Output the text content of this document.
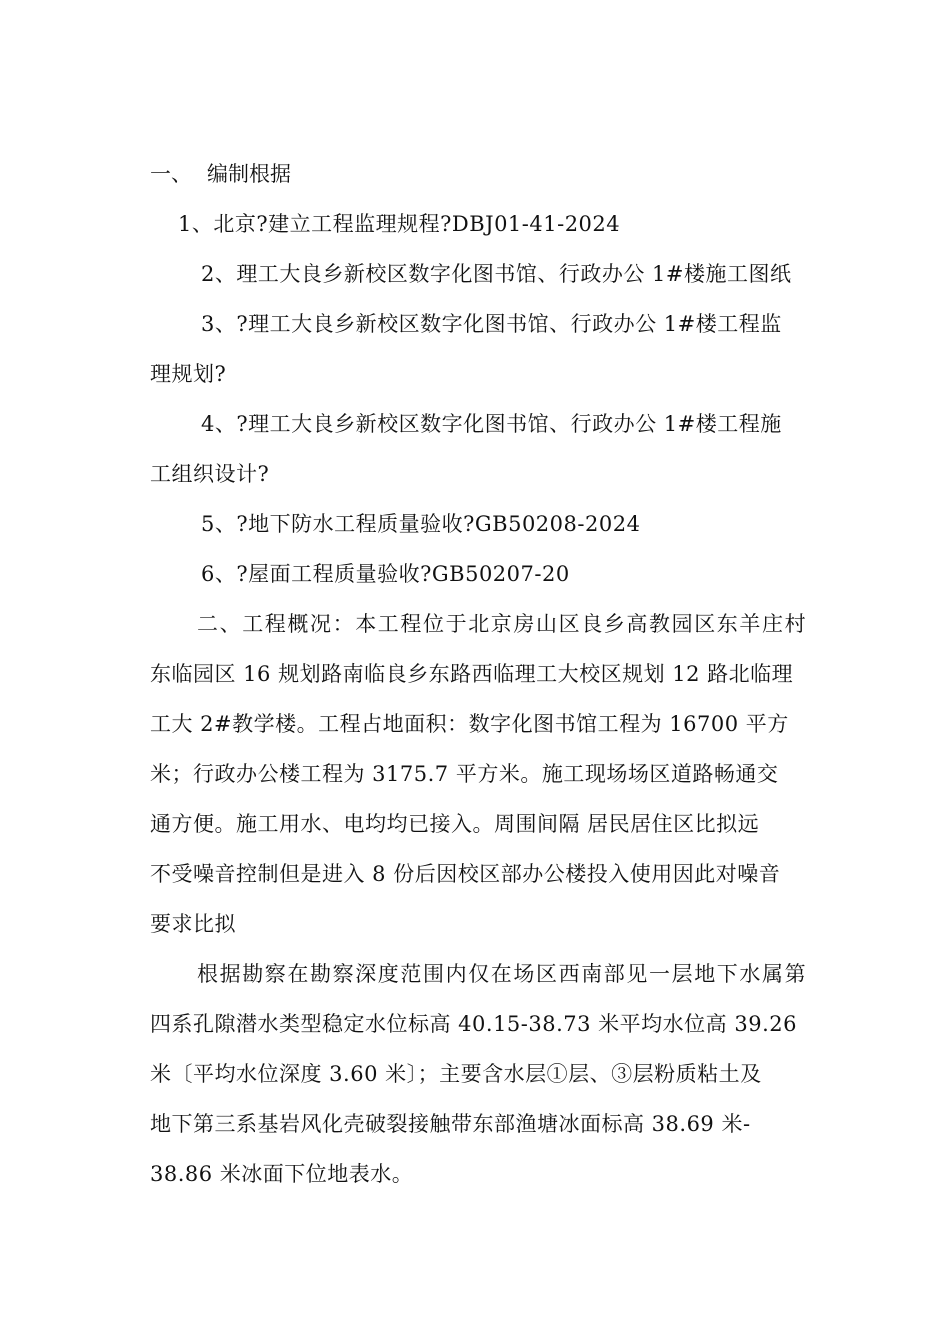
一、 编制根据
1、北京?建立工程监理规程?DBJ01-41-2024
2、理工大良乡新校区数字化图书馆、行政办公 1#楼施工图纸
3、?理工大良乡新校区数字化图书馆、行政办公 1#楼工程监
理规划?
4、?理工大良乡新校区数字化图书馆、行政办公 1#楼工程施
工组织设计?
5、?地下防水工程质量验收?GB50208-2024
6、?屋面工程质量验收?GB50207-20
二、工程概况：本工程位于北京房山区良乡高教园区东羊庄村
东临园区 16 规划路南临良乡东路西临理工大校区规划 12 路北临理
工大 2#教学楼。工程占地面积：数字化图书馆工程为 16700 平方
米；行政办公楼工程为 3175.7 平方米。施工现场场区道路畅通交
通方便。施工用水、电均均已接入。周围间隔 居民居住区比拟远
不受噪音控制但是进入 8 份后因校区部办公楼投入使用因此对噪音
要求比拟
根据勘察在勘察深度范围内仅在场区西南部见一层地下水属第
四系孔隙潜水类型稳定水位标高 40.15-38.73 米平均水位高 39.26
米〔平均水位深度 3.60 米〕；主要含水层①层、③层粉质粘土及
地下第三系基岩风化壳破裂接触带东部渔塘冰面标高 38.69 米-
38.86 米冰面下位地表水。
